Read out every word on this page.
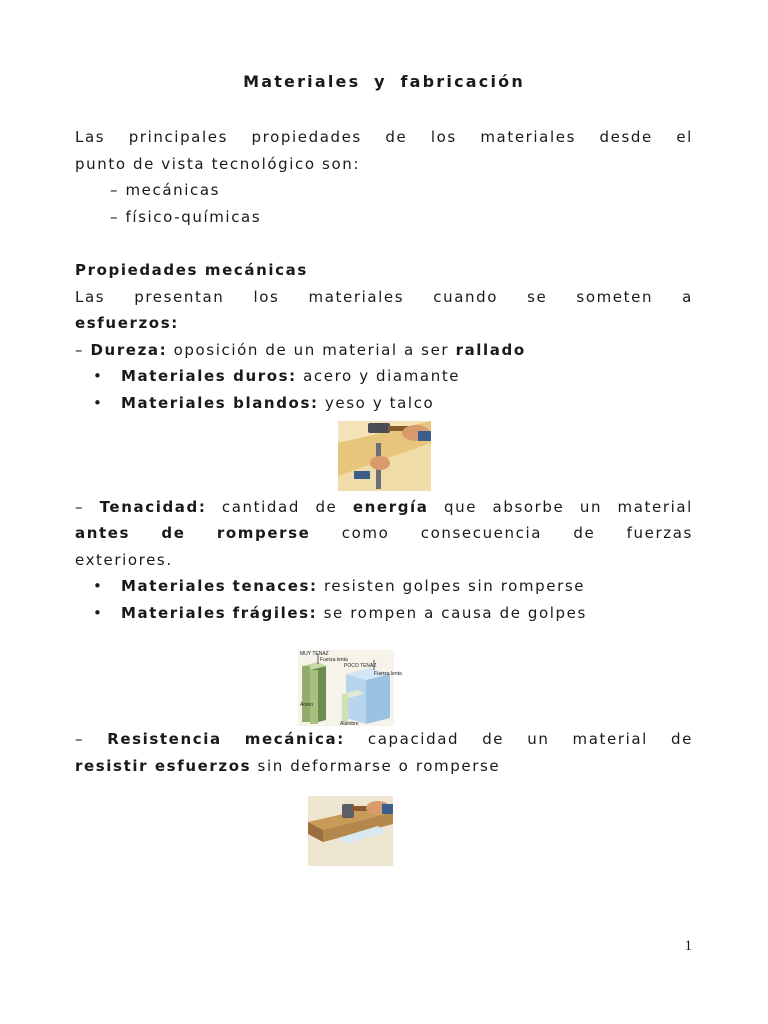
Materiales y fabricación
Las principales propiedades de los materiales desde el
punto de vista tecnológico son:
– mecánicas
– físico-químicas
Propiedades mecánicas
Las presentan los materiales cuando se someten a
esfuerzos:
– Dureza: oposición de un material a ser rallado
• Materiales duros: acero y diamante
• Materiales blandos: yeso y talco
– Tenacidad: cantidad de energía que absorbe un material
antes de romperse como consecuencia de fuerzas
exteriores.
• Materiales tenaces: resisten golpes sin romperse
• Materiales frágiles: se rompen a causa de golpes
MUY TENAZ
Fuerza lenta
POCO TENAZ
Fuerza lenta
Acero
Alambre
– Resistencia mecánica: capacidad de un material de
resistir esfuerzos sin deformarse o romperse
1
